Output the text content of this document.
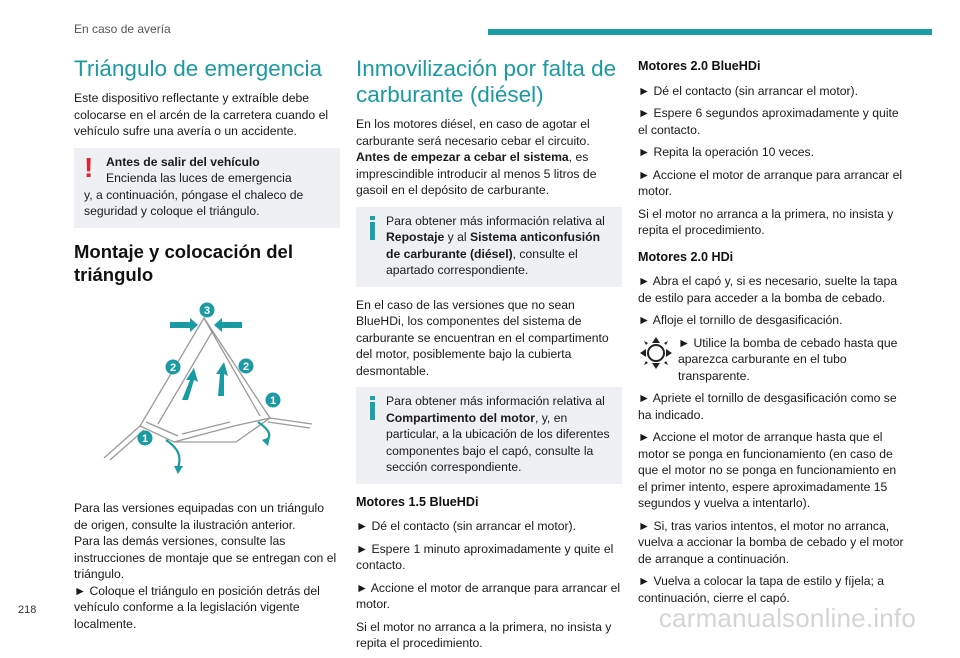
En caso de avería
Triángulo de emergencia

Este dispositivo reflectante y extraíble debe colocarse en el arcén de la carretera cuando el vehículo sufre una avería o un accidente.

!	Antes de salir del vehículo
Encienda las luces de emergencia
y, a continuación, póngase el chaleco de seguridad y coloque el triángulo.
Montaje y colocación del triángulo
3
2	2
1
1

Para las versiones equipadas con un triángulo de origen, consulte la ilustración anterior.

Para las demás versiones, consulte las instrucciones de montaje que se entregan con el triángulo.

► Coloque el triángulo en posición detrás del vehículo conforme a la legislación vigente localmente.

Inmovilización por falta de carburante (diésel)

En los motores diésel, en caso de agotar el carburante será necesario cebar el circuito.

Antes de empezar a cebar el sistema, es imprescindible introducir al menos 5 litros de gasoil en el depósito de carburante.

Para obtener más información relativa al Repostaje y al Sistema anticonfusión de carburante (diésel), consulte el apartado correspondiente.

En el caso de las versiones que no sean BlueHDi, los componentes del sistema de carburante se encuentran en el compartimento del motor, posiblemente bajo la cubierta desmontable.

Para obtener más información relativa al Compartimento del motor, y, en particular, a la ubicación de los diferentes componentes bajo el capó, consulte la sección correspondiente.
Motores 1.5 BlueHDi

► Dé el contacto (sin arrancar el motor).

► Espere 1 minuto aproximadamente y quite el contacto.

► Accione el motor de arranque para arrancar el motor.

Si el motor no arranca a la primera, no insista y repita el procedimiento.

Motores 2.0 BlueHDi

► Dé el contacto (sin arrancar el motor).

► Espere 6 segundos aproximadamente y quite el contacto.

► Repita la operación 10 veces.

► Accione el motor de arranque para arrancar el motor.

Si el motor no arranca a la primera, no insista y repita el procedimiento.

Motores 2.0 HDi

► Abra el capó y, si es necesario, suelte la tapa de estilo para acceder a la bomba de cebado.

► Afloje el tornillo de desgasificación.

► Utilice la bomba de cebado hasta que aparezca carburante en el tubo transparente.

► Apriete el tornillo de desgasificación como se ha indicado.

► Accione el motor de arranque hasta que el motor se ponga en funcionamiento (en caso de que el motor no se ponga en funcionamiento en el primer intento, espere aproximadamente 15 segundos y vuelva a intentarlo).

► Si, tras varios intentos, el motor no arranca, vuelva a accionar la bomba de cebado y el motor de arranque a continuación.

► Vuelva a colocar la tapa de estilo y fíjela; a continuación, cierre el capó.

218	carmanualsonline.info
